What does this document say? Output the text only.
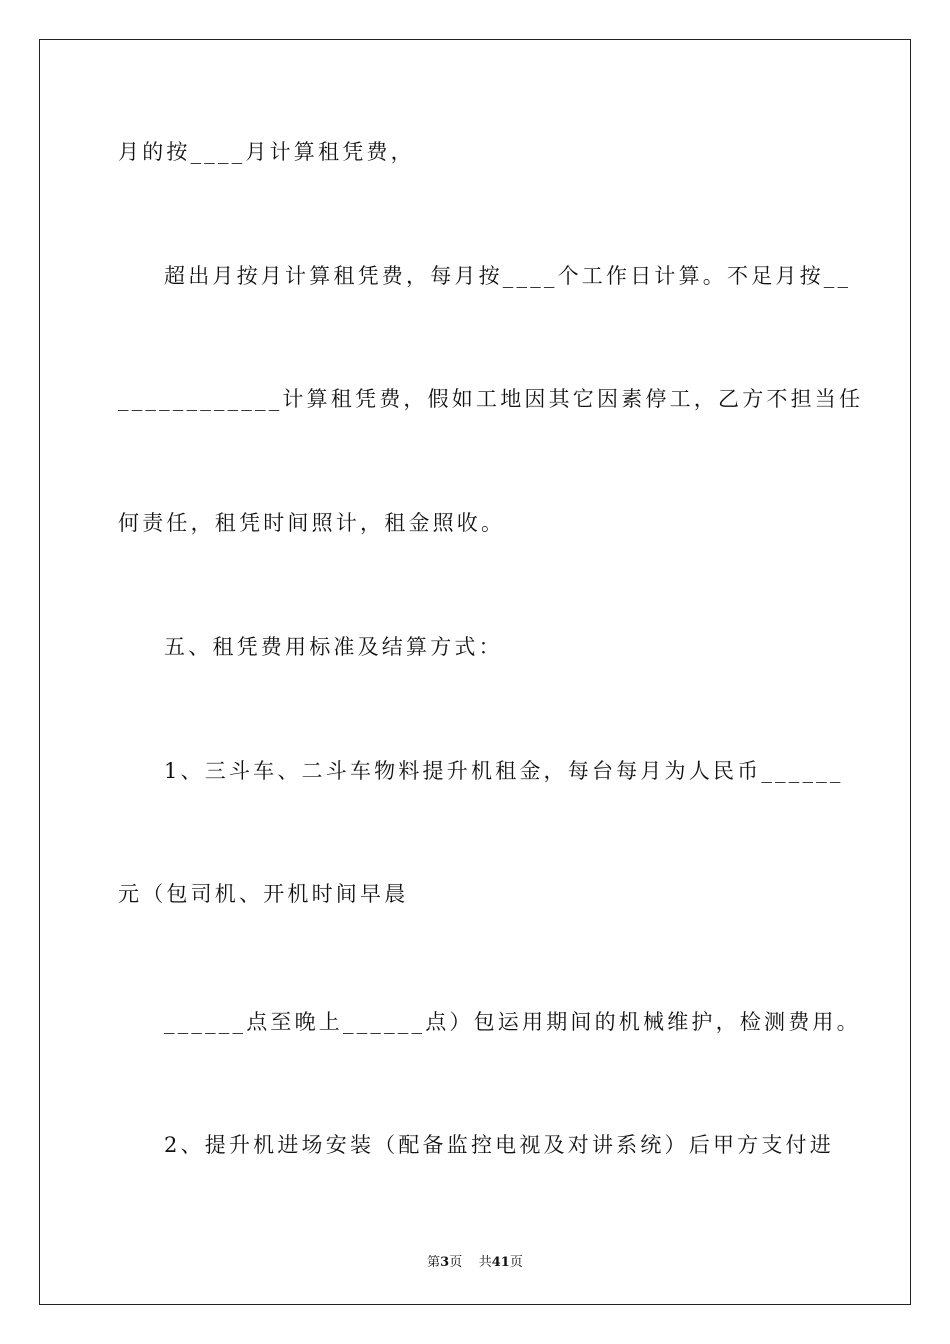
月的按____月计算租凭费，
超出月按月计算租凭费，每月按____个工作日计算。不足月按__
____________计算租凭费，假如工地因其它因素停工，乙方不担当任
何责任，租凭时间照计，租金照收。
五、租凭费用标准及结算方式：
1、三斗车、二斗车物料提升机租金，每台每月为人民币______
元（包司机、开机时间早晨
______点至晚上______点）包运用期间的机械维护，检测费用。
2、提升机进场安装（配备监控电视及对讲系统）后甲方支付进
第3页 共41页
